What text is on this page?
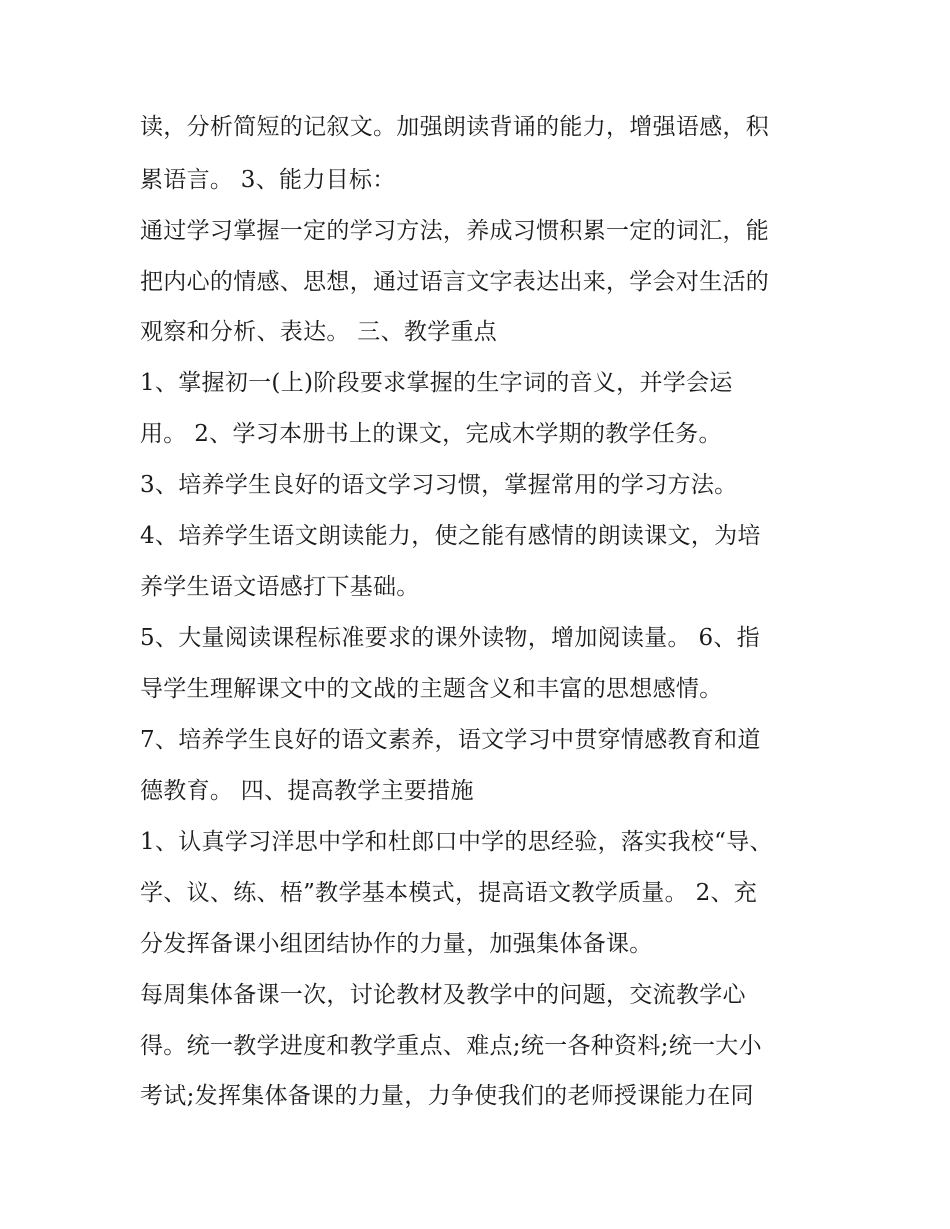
读，分析简短的记叙文。加强朗读背诵的能力，增强语感，积
累语言。 3、能力目标：
通过学习掌握一定的学习方法，养成习惯积累一定的词汇，能
把内心的情感、思想，通过语言文字表达出来，学会对生活的
观察和分析、表达。 三、教学重点
1、掌握初一(上)阶段要求掌握的生字词的音义，并学会运
用。 2、学习本册书上的课文，完成木学期的教学任务。
3、培养学生良好的语文学习习惯，掌握常用的学习方法。
4、培养学生语文朗读能力，使之能有感情的朗读课文，为培
养学生语文语感打下基础。
5、大量阅读课程标准要求的课外读物，增加阅读量。 6、指
导学生理解课文中的文战的主题含义和丰富的思想感情。
7、培养学生良好的语文素养，语文学习中贯穿情感教育和道
德教育。 四、提高教学主要措施
1、认真学习洋思中学和杜郎口中学的思经验，落实我校“导、
学、议、练、梧”教学基本模式，提高语文教学质量。 2、充
分发挥备课小组团结协作的力量，加强集体备课。
每周集体备课一次，讨论教材及教学中的问题，交流教学心
得。统一教学进度和教学重点、难点;统一各种资料;统一大小
考试;发挥集体备课的力量，力争使我们的老师授课能力在同
